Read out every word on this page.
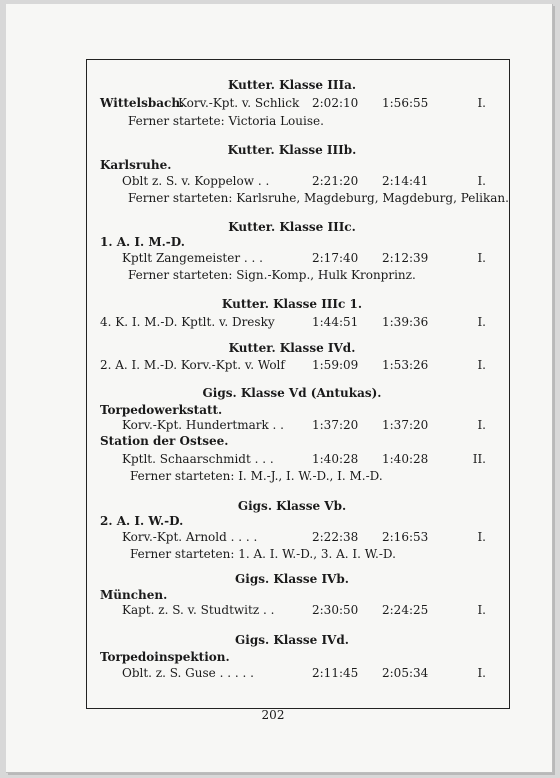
Kutter. Klasse IIIa.
Wittelsbach.
Korv.-Kpt. v. Schlick 2:02:10 1:56:55	I.
Ferner startete: Victoria Louise.
Kutter. Klasse IIIb.
Karlsruhe.
Oblt z. S. v. Koppelow . .	2:21:20 2:14:41	I.
Ferner starteten: Karlsruhe, Magdeburg, Magdeburg, Pelikan.
Kutter. Klasse IIIc.
1. A. I. M.-D.
Kptlt Zangemeister . . .	2:17:40 2:12:39	I.
Ferner starteten: Sign.-Komp., Hulk Kronprinz.
Kutter. Klasse IIIc 1.
4. K. I. M.-D. Kptlt. v. Dresky	1:44:51 1:39:36	I.
Kutter. Klasse IVd.
2. A. I. M.-D. Korv.-Kpt. v. Wolf 1:59:09 1:53:26	I.
Gigs. Klasse Vd (Antukas).
Torpedowerkstatt.
Korv.-Kpt. Hundertmark . . 1:37:20 1:37:20	I.
Station der Ostsee.
Kptlt. Schaarschmidt . . .	1:40:28 1:40:28	II.
Ferner starteten: I. M.-J., I. W.-D., I. M.-D.
Gigs. Klasse Vb.
2. A. I. W.-D.
Korv.-Kpt. Arnold . . . .	2:22:38 2:16:53	I.
Ferner starteten: 1. A. I. W.-D., 3. A. I. W.-D.
Gigs. Klasse IVb.
München.
Kapt. z. S. v. Studtwitz . .	2:30:50 2:24:25	I.
Gigs. Klasse IVd.
Torpedoinspektion.
Oblt. z. S. Guse . . . . .	2:11:45 2:05:34	I.
202
